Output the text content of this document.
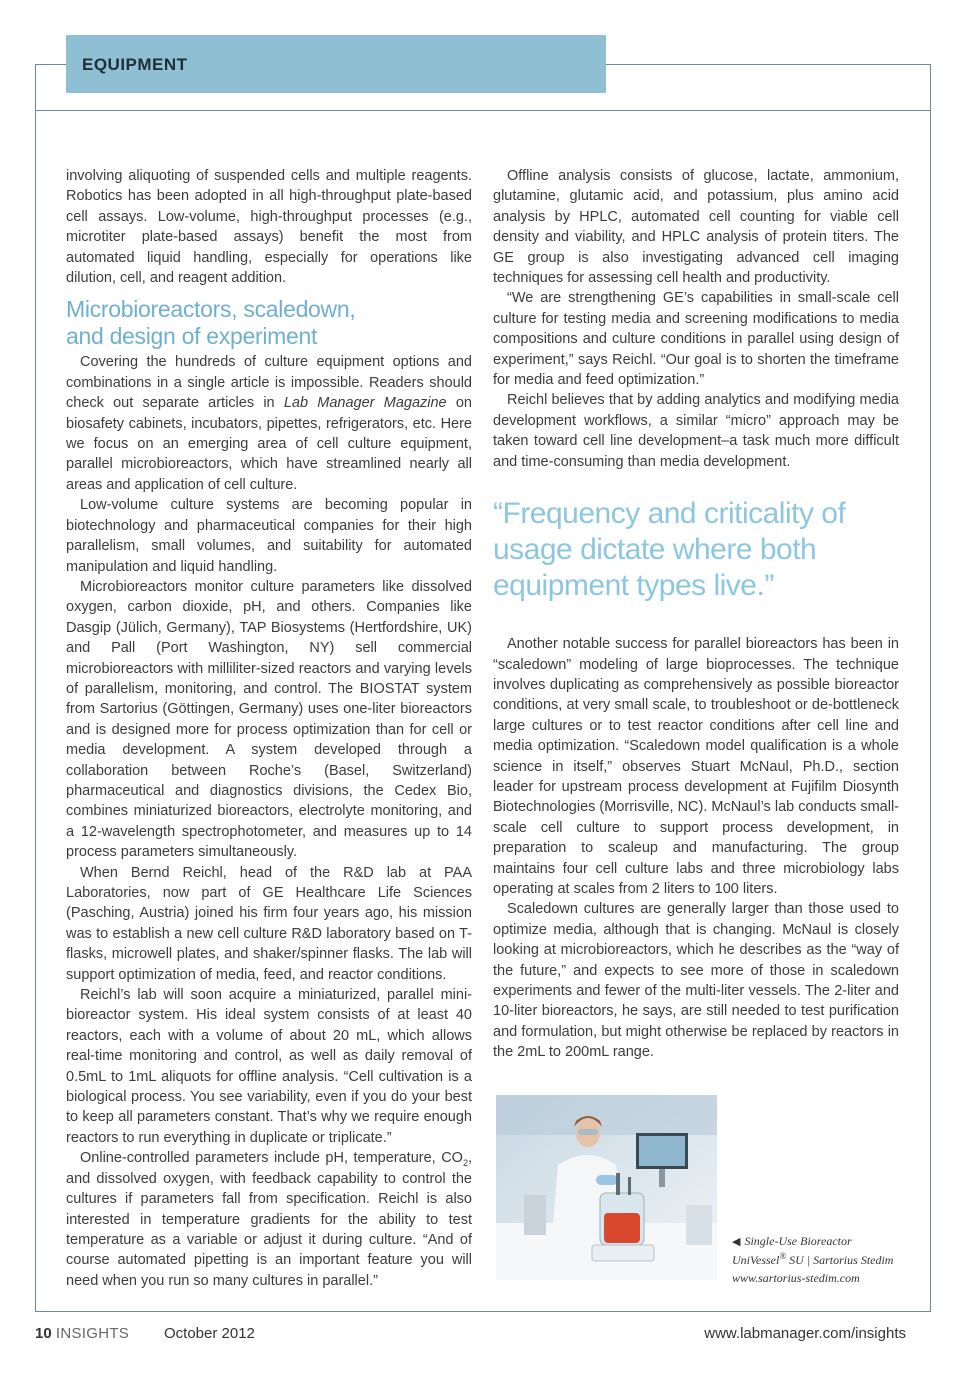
EQUIPMENT

involving aliquoting of suspended cells and multiple reagents. Robotics has been adopted in all high-throughput plate-based cell assays. Low-volume, high-throughput processes (e.g., microtiter plate-based assays) benefit the most from automated liquid handling, especially for operations like dilution, cell, and reagent addition.

Microbioreactors, scaledown,
and design of experiment

Covering the hundreds of culture equipment options and combinations in a single article is impossible. Readers should check out separate articles in Lab Manager Magazine on biosafety cabinets, incubators, pipettes, refrigerators, etc. Here we focus on an emerging area of cell culture equipment, parallel microbioreactors, which have streamlined nearly all areas and application of cell culture.

Low-volume culture systems are becoming popular in biotechnology and pharmaceutical companies for their high parallelism, small volumes, and suitability for automated manipulation and liquid handling.

Microbioreactors monitor culture parameters like dissolved oxygen, carbon dioxide, pH, and others. Companies like Dasgip (Jülich, Germany), TAP Biosystems (Hertfordshire, UK) and Pall (Port Washington, NY) sell commercial microbioreactors with milliliter-sized reactors and varying levels of parallelism, monitoring, and control. The BIOSTAT system from Sartorius (Göttingen, Germany) uses one-liter bioreactors and is designed more for process optimization than for cell or media development. A system developed through a collaboration between Roche’s (Basel, Switzerland) pharmaceutical and diagnostics divisions, the Cedex Bio, combines miniaturized bioreactors, electrolyte monitoring, and a 12-wavelength spectrophotometer, and measures up to 14 process parameters simultaneously.

When Bernd Reichl, head of the R&D lab at PAA Laboratories, now part of GE Healthcare Life Sciences (Pasching, Austria) joined his firm four years ago, his mission was to establish a new cell culture R&D laboratory based on T-flasks, microwell plates, and shaker/spinner flasks. The lab will support optimization of media, feed, and reactor conditions.

Reichl’s lab will soon acquire a miniaturized, parallel mini-bioreactor system. His ideal system consists of at least 40 reactors, each with a volume of about 20 mL, which allows real-time monitoring and control, as well as daily removal of 0.5mL to 1mL aliquots for offline analysis. “Cell cultivation is a biological process. You see variability, even if you do your best to keep all parameters constant. That’s why we require enough reactors to run everything in duplicate or triplicate.”

Online-controlled parameters include pH, temperature, $CO_2$, and dissolved oxygen, with feedback capability to control the cultures if parameters fall from specification. Reichl is also interested in temperature gradients for the ability to test temperature as a variable or adjust it during culture. “And of course automated pipetting is an important feature you will need when you run so many cultures in parallel.”

Offline analysis consists of glucose, lactate, ammonium, glutamine, glutamic acid, and potassium, plus amino acid analysis by HPLC, automated cell counting for viable cell density and viability, and HPLC analysis of protein titers. The GE group is also investigating advanced cell imaging techniques for assessing cell health and productivity.

“We are strengthening GE’s capabilities in small-scale cell culture for testing media and screening modifications to media compositions and culture conditions in parallel using design of experiment,” says Reichl. “Our goal is to shorten the timeframe for media and feed optimization.”

Reichl believes that by adding analytics and modifying media development workflows, a similar “micro” approach may be taken toward cell line development–a task much more difficult and time-consuming than media development.

“Frequency and criticality of
usage dictate where both
equipment types live.”

Another notable success for parallel bioreactors has been in “scaledown” modeling of large bioprocesses. The technique involves duplicating as comprehensively as possible bioreactor conditions, at very small scale, to troubleshoot or de-bottleneck large cultures or to test reactor conditions after cell line and media optimization. “Scaledown model qualification is a whole science in itself,” observes Stuart McNaul, Ph.D., section leader for upstream process development at Fujifilm Diosynth Biotechnologies (Morrisville, NC). McNaul’s lab conducts small-scale cell culture to support process development, in preparation to scaleup and manufacturing. The group maintains four cell culture labs and three microbiology labs operating at scales from 2 liters to 100 liters.

Scaledown cultures are generally larger than those used to optimize media, although that is changing. McNaul is closely looking at microbioreactors, which he describes as the “way of the future,” and expects to see more of those in scaledown experiments and fewer of the multi-liter vessels. The 2-liter and 10-liter bioreactors, he says, are still needed to test purification and formulation, but might otherwise be replaced by reactors in the 2mL to 200mL range.

◀ Single-Use Bioreactor
UniVessel® SU | Sartorius Stedim
www.sartorius-stedim.com
10 INSIGHTS October 2012	www.labmanager.com/insights
